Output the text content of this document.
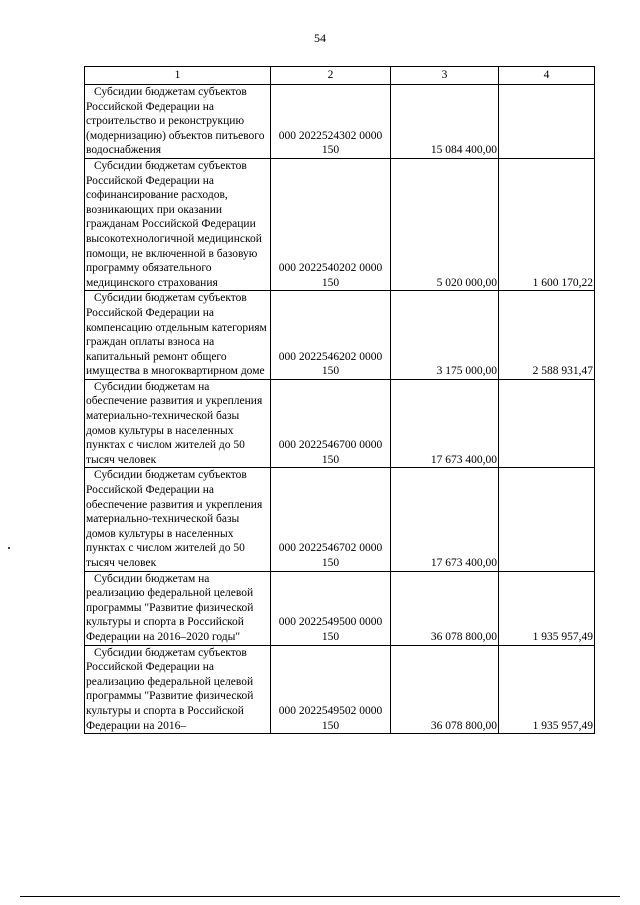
54
1	2	3	4

Субсидии бюджетам субъектов Российской Федерации на строительство и реконструкцию (модернизацию) объектов питьевого водоснабжения	000 2022524302 0000 150	15 084 400,00	

Субсидии бюджетам субъектов Российской Федерации на софинансирование расходов, возникающих при оказании гражданам Российской Федерации высокотехнологичной медицинской помощи, не включенной в базовую программу обязательного медицинского страхования	000 2022540202 0000 150	5 020 000,00	1 600 170,22

Субсидии бюджетам субъектов Российской Федерации на компенсацию отдельным категориям граждан оплаты взноса на капитальный ремонт общего имущества в многоквартирном доме	000 2022546202 0000 150	3 175 000,00	2 588 931,47

Субсидии бюджетам на обеспечение развития и укрепления материально-технической базы домов культуры в населенных пунктах с числом жителей до 50 тысяч человек	000 2022546700 0000 150	17 673 400,00	

Субсидии бюджетам субъектов Российской Федерации на обеспечение развития и укрепления материально-технической базы домов культуры в населенных пунктах с числом жителей до 50 тысяч человек	000 2022546702 0000 150	17 673 400,00	

Субсидии бюджетам на реализацию федеральной целевой программы "Развитие физической культуры и спорта в Российской Федерации на 2016–2020 годы"	000 2022549500 0000 150	36 078 800,00	1 935 957,49

Субсидии бюджетам субъектов Российской Федерации на реализацию федеральной целевой программы "Развитие физической культуры и спорта в Российской Федерации на 2016–	000 2022549502 0000 150	36 078 800,00	1 935 957,49
